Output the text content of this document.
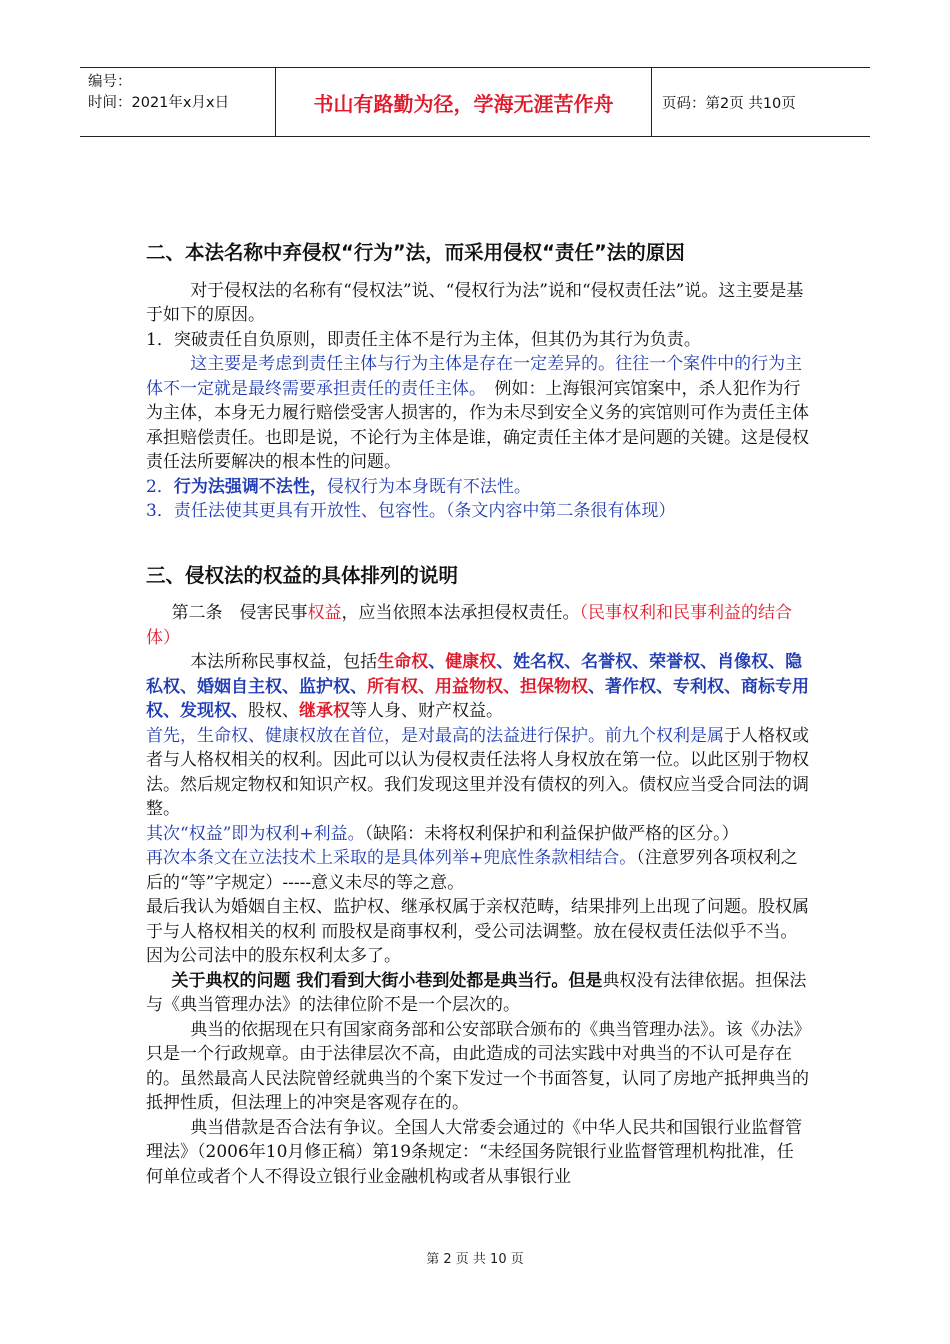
编号：
时间：2021年x月x日	书山有路勤为径，学海无涯苦作舟	页码：第2页 共10页
二、本法名称中弃侵权“行为”法，而采用侵权“责任”法的原因

对于侵权法的名称有“侵权法”说、“侵权行为法”说和“侵权责任法”说。这主要是基于如下的原因。

1．突破责任自负原则，即责任主体不是行为主体，但其仍为其行为负责。

这主要是考虑到责任主体与行为主体是存在一定差异的。往往一个案件中的行为主体不一定就是最终需要承担责任的责任主体。　例如：上海银河宾馆案中，杀人犯作为行为主体，本身无力履行赔偿受害人损害的，作为未尽到安全义务的宾馆则可作为责任主体承担赔偿责任。也即是说，不论行为主体是谁，确定责任主体才是问题的关键。这是侵权责任法所要解决的根本性的问题。

2．行为法强调不法性，侵权行为本身既有不法性。

3．责任法使其更具有开放性、包容性。（条文内容中第二条很有体现）

三、侵权法的权益的具体排列的说明

第二条　侵害民事权益，应当依照本法承担侵权责任。（民事权利和民事利益的结合体）

本法所称民事权益，包括生命权、健康权、姓名权、名誉权、荣誉权、肖像权、隐私权、婚姻自主权、监护权、所有权、用益物权、担保物权、著作权、专利权、商标专用权、发现权、股权、继承权等人身、财产权益。

首先，生命权、健康权放在首位，是对最高的法益进行保护。前九个权利是属于人格权或者与人格权相关的权利。因此可以认为侵权责任法将人身权放在第一位。以此区别于物权法。然后规定物权和知识产权。我们发现这里并没有债权的列入。债权应当受合同法的调整。

其次“权益”即为权利+利益。（缺陷：未将权利保护和利益保护做严格的区分。）

再次本条文在立法技术上采取的是具体列举+兜底性条款相结合。（注意罗列各项权利之后的“等”字规定）-----意义未尽的等之意。

最后我认为婚姻自主权、监护权、继承权属于亲权范畴，结果排列上出现了问题。股权属于与人格权相关的权利 而股权是商事权利，受公司法调整。放在侵权责任法似乎不当。因为公司法中的股东权利太多了。

关于典权的问题 我们看到大街小巷到处都是典当行。但是典权没有法律依据。担保法与《典当管理办法》的法律位阶不是一个层次的。

典当的依据现在只有国家商务部和公安部联合颁布的《典当管理办法》。该《办法》只是一个行政规章。由于法律层次不高，由此造成的司法实践中对典当的不认可是存在的。虽然最高人民法院曾经就典当的个案下发过一个书面答复，认同了房地产抵押典当的抵押性质，但法理上的冲突是客观存在的。

典当借款是否合法有争议。全国人大常委会通过的《中华人民共和国银行业监督管理法》（2006年10月修正稿）第19条规定：“未经国务院银行业监督管理机构批准，任何单位或者个人不得设立银行业金融机构或者从事银行业

第 2 页 共 10 页
